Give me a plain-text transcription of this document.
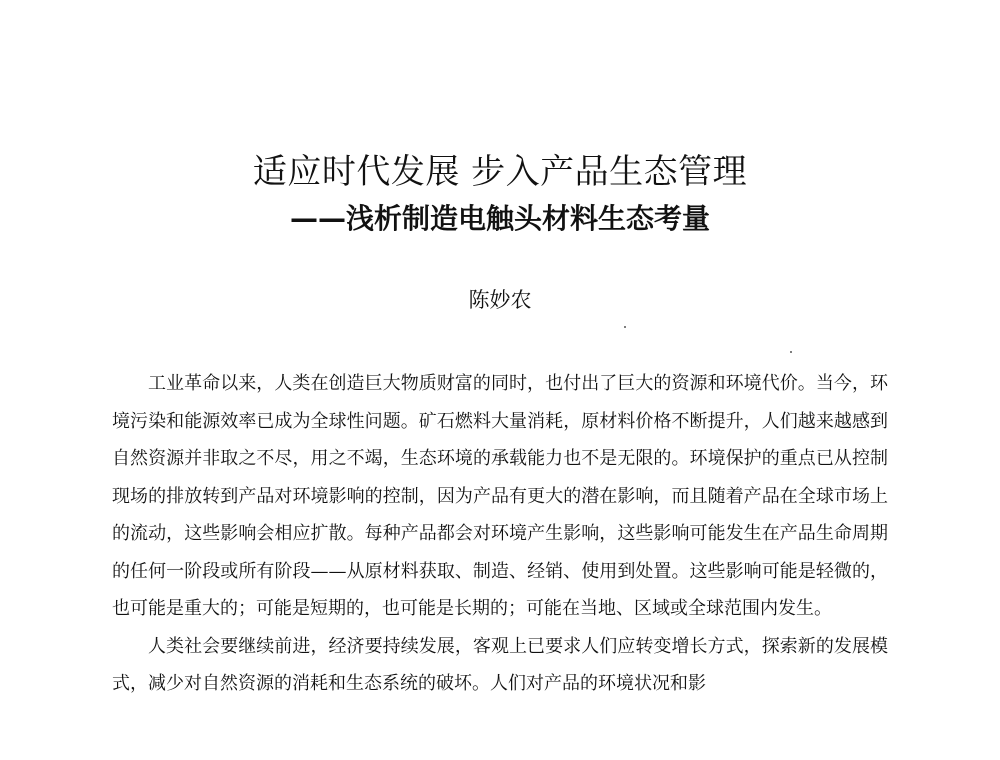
适应时代发展 步入产品生态管理
——浅析制造电触头材料生态考量
陈妙农

工业革命以来，人类在创造巨大物质财富的同时，也付出了巨大的资源和环境代价。当今，环境污染和能源效率已成为全球性问题。矿石燃料大量消耗，原材料价格不断提升，人们越来越感到自然资源并非取之不尽，用之不竭，生态环境的承载能力也不是无限的。环境保护的重点已从控制现场的排放转到产品对环境影响的控制，因为产品有更大的潜在影响，而且随着产品在全球市场上的流动，这些影响会相应扩散。每种产品都会对环境产生影响，这些影响可能发生在产品生命周期的任何一阶段或所有阶段——从原材料获取、制造、经销、使用到处置。这些影响可能是轻微的，也可能是重大的；可能是短期的，也可能是长期的；可能在当地、区域或全球范围内发生。

人类社会要继续前进，经济要持续发展，客观上已要求人们应转变增长方式，探索新的发展模式，减少对自然资源的消耗和生态系统的破坏。人们对产品的环境状况和影
